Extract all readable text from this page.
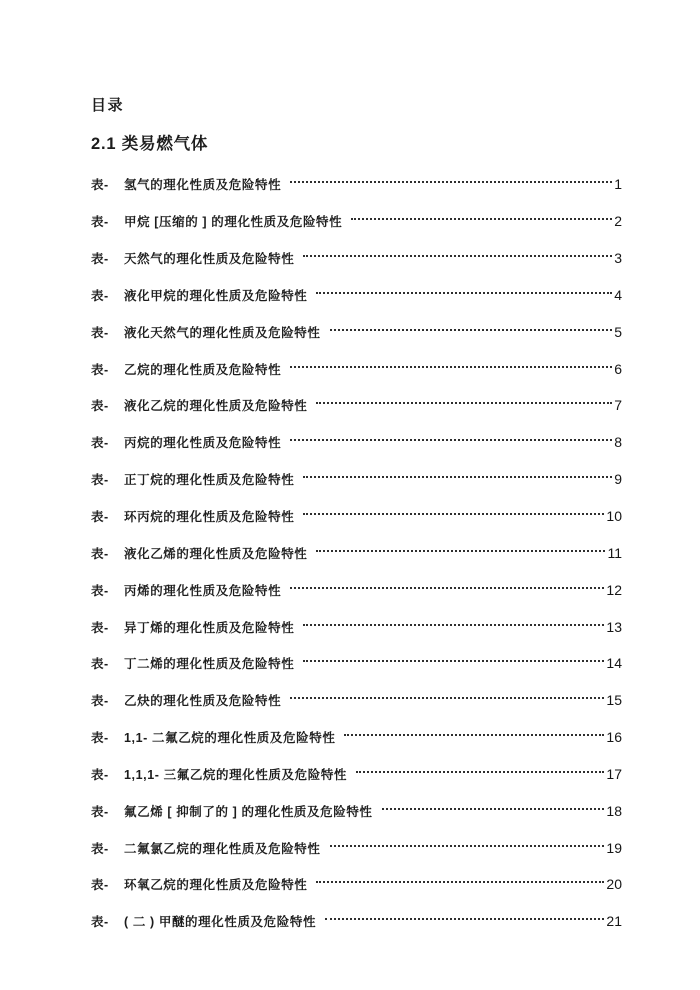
目录
2.1 类易燃气体
表-	氢气的理化性质及危险特性	1
表-	甲烷 [压缩的 ] 的理化性质及危险特性	2
表-	天然气的理化性质及危险特性	3
表-	液化甲烷的理化性质及危险特性	4
表-	液化天然气的理化性质及危险特性	5
表-	乙烷的理化性质及危险特性	6
表-	液化乙烷的理化性质及危险特性	7
表-	丙烷的理化性质及危险特性	8
表-	正丁烷的理化性质及危险特性	9
表-	环丙烷的理化性质及危险特性	10
表-	液化乙烯的理化性质及危险特性	11
表-	丙烯的理化性质及危险特性	12
表-	异丁烯的理化性质及危险特性	13
表-	丁二烯的理化性质及危险特性	14
表-	乙炔的理化性质及危险特性	15
表-	1,1- 二氟乙烷的理化性质及危险特性	16
表-	1,1,1- 三氟乙烷的理化性质及危险特性	17
表-	氟乙烯 [ 抑制了的 ] 的理化性质及危险特性	18
表-	二氟氯乙烷的理化性质及危险特性	19
表-	环氧乙烷的理化性质及危险特性	20
表-	( 二 ) 甲醚的理化性质及危险特性	21
